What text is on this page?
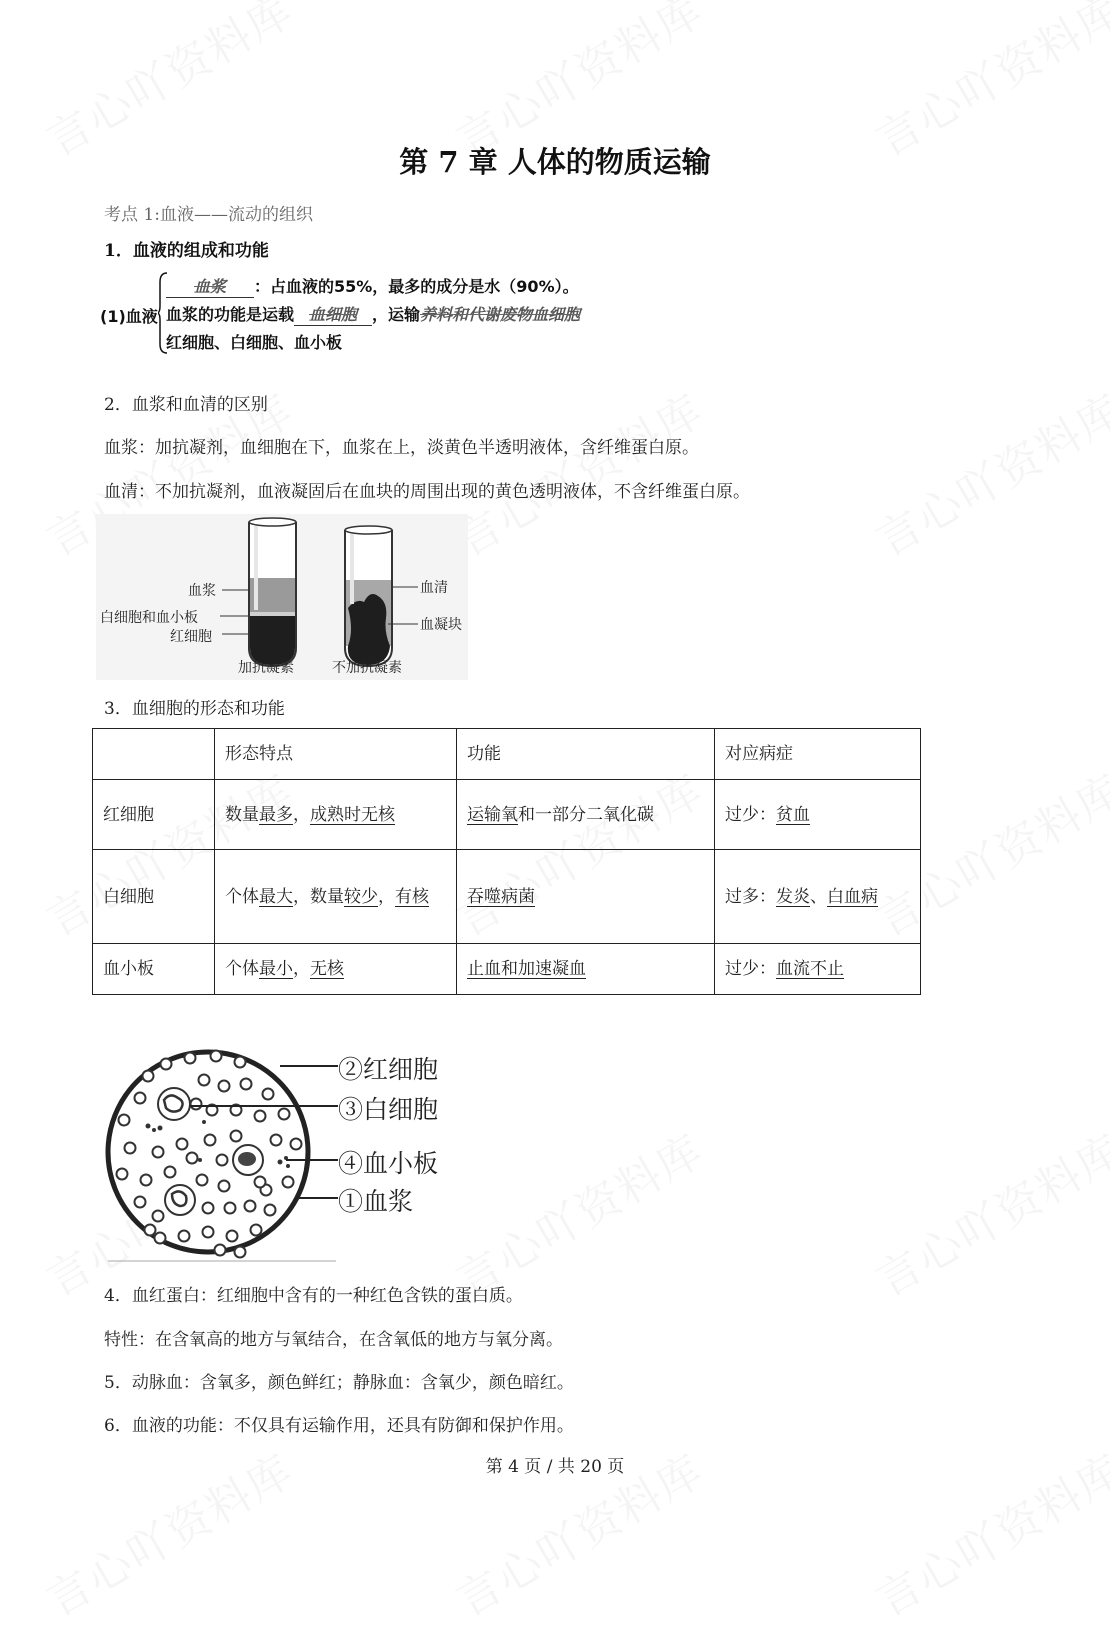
第 7 章 人体的物质运输
考点 1:血液——流动的组织
1．血液的组成和功能
(1)血液
血浆 ：占血液的55%，最多的成分是水（90%）。
血浆的功能是运载 血细胞 ，运输养料和代谢废物血细胞
红细胞、白细胞、血小板
2．血浆和血清的区别
血浆：加抗凝剂，血细胞在下，血浆在上，淡黄色半透明液体，含纤维蛋白原。
血清：不加抗凝剂，血液凝固后在血块的周围出现的黄色透明液体，不含纤维蛋白原。
血浆
白细胞和血小板
红细胞
血清
血凝块
加抗凝素	不加抗凝素
3．血细胞的形态和功能
	形态特点	功能	对应病症
红细胞	数量最多，成熟时无核	运输氧和一部分二氧化碳	过少：贫血
白细胞	个体最大，数量较少，有核	吞噬病菌	过多：发炎、白血病
血小板	个体最小，无核	止血和加速凝血	过少：血流不止
②红细胞
③白细胞
④血小板
①血浆
4．血红蛋白：红细胞中含有的一种红色含铁的蛋白质。
特性：在含氧高的地方与氧结合，在含氧低的地方与氧分离。
5．动脉血：含氧多，颜色鲜红；静脉血：含氧少，颜色暗红。
6．血液的功能：不仅具有运输作用，还具有防御和保护作用。
第 4 页 / 共 20 页
